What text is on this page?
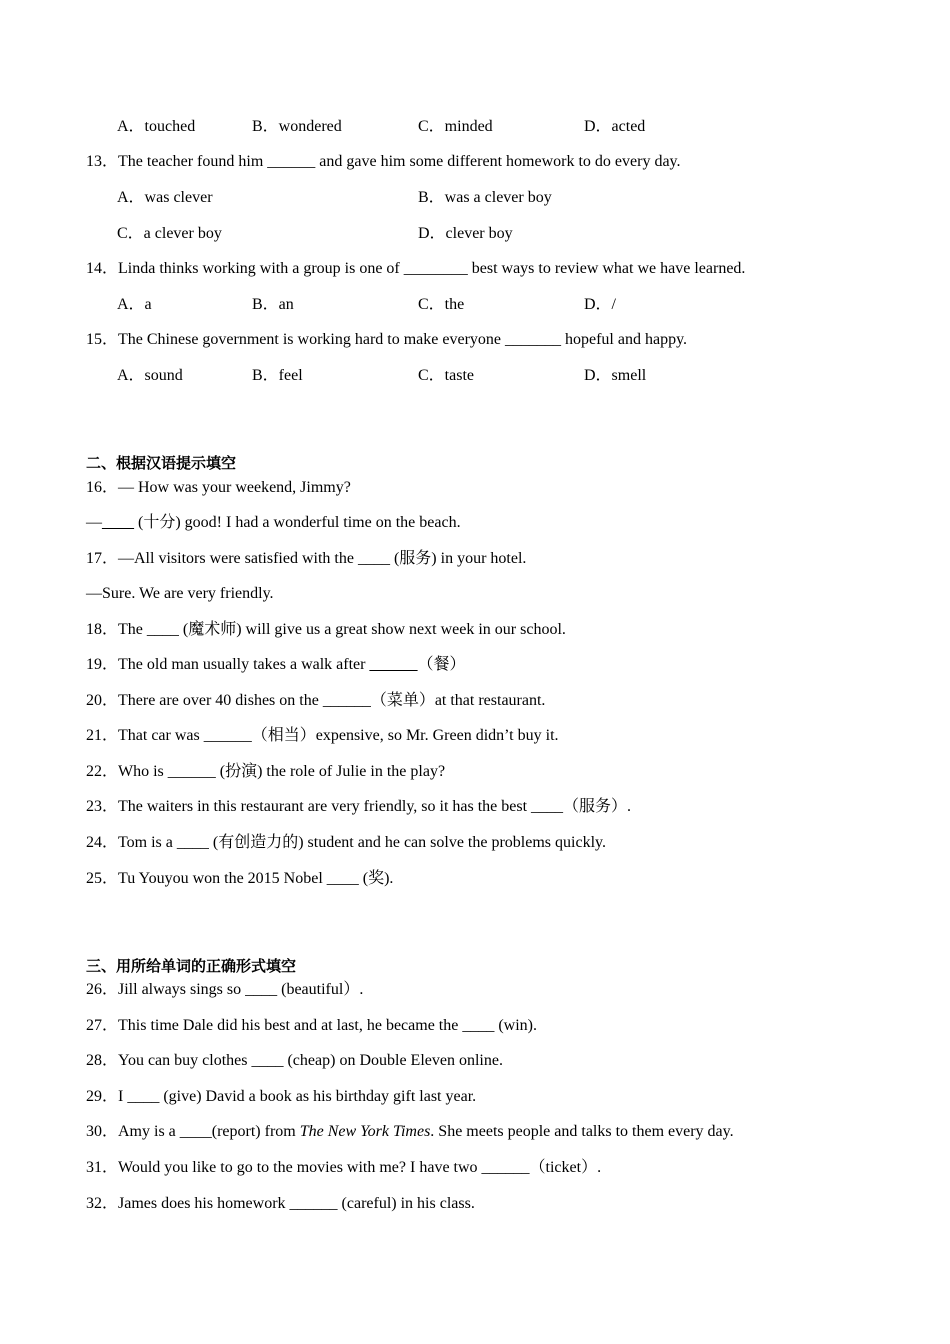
A．touched	B．wondered	C．minded	D．acted
13．The teacher found him ______ and gave him some different homework to do every day.
A．was clever	B．was a clever boy
C．a clever boy	D．clever boy
14．Linda thinks working with a group is one of ________ best ways to review what we have learned.
A．a	B．an	C．the	D．/
15．The Chinese government is working hard to make everyone _______ hopeful and happy.
A．sound	B．feel	C．taste	D．smell
二、根据汉语提示填空
16．— How was your weekend, Jimmy?
—____ (十分) good! I had a wonderful time on the beach.
17．—All visitors were satisfied with the ____ (服务) in your hotel.
—Sure. We are very friendly.
18．The ____ (魔术师) will give us a great show next week in our school.
19．The old man usually takes a walk after ______（餐）
20．There are over 40 dishes on the ______（菜单）at that restaurant.
21．That car was ______（相当）expensive, so Mr. Green didn’t buy it.
22．Who is ______ (扮演) the role of Julie in the play?
23．The waiters in this restaurant are very friendly, so it has the best ____（服务）.
24．Tom is a ____ (有创造力的) student and he can solve the problems quickly.
25．Tu Youyou won the 2015 Nobel ____ (奖).
三、用所给单词的正确形式填空
26．Jill always sings so ____ (beautiful）.
27．This time Dale did his best and at last, he became the ____ (win).
28．You can buy clothes ____ (cheap) on Double Eleven online.
29．I ____ (give) David a book as his birthday gift last year.
30．Amy is a ____(report) from The New York Times. She meets people and talks to them every day.
31．Would you like to go to the movies with me? I have two ______（ticket）.
32．James does his homework ______ (careful) in his class.
